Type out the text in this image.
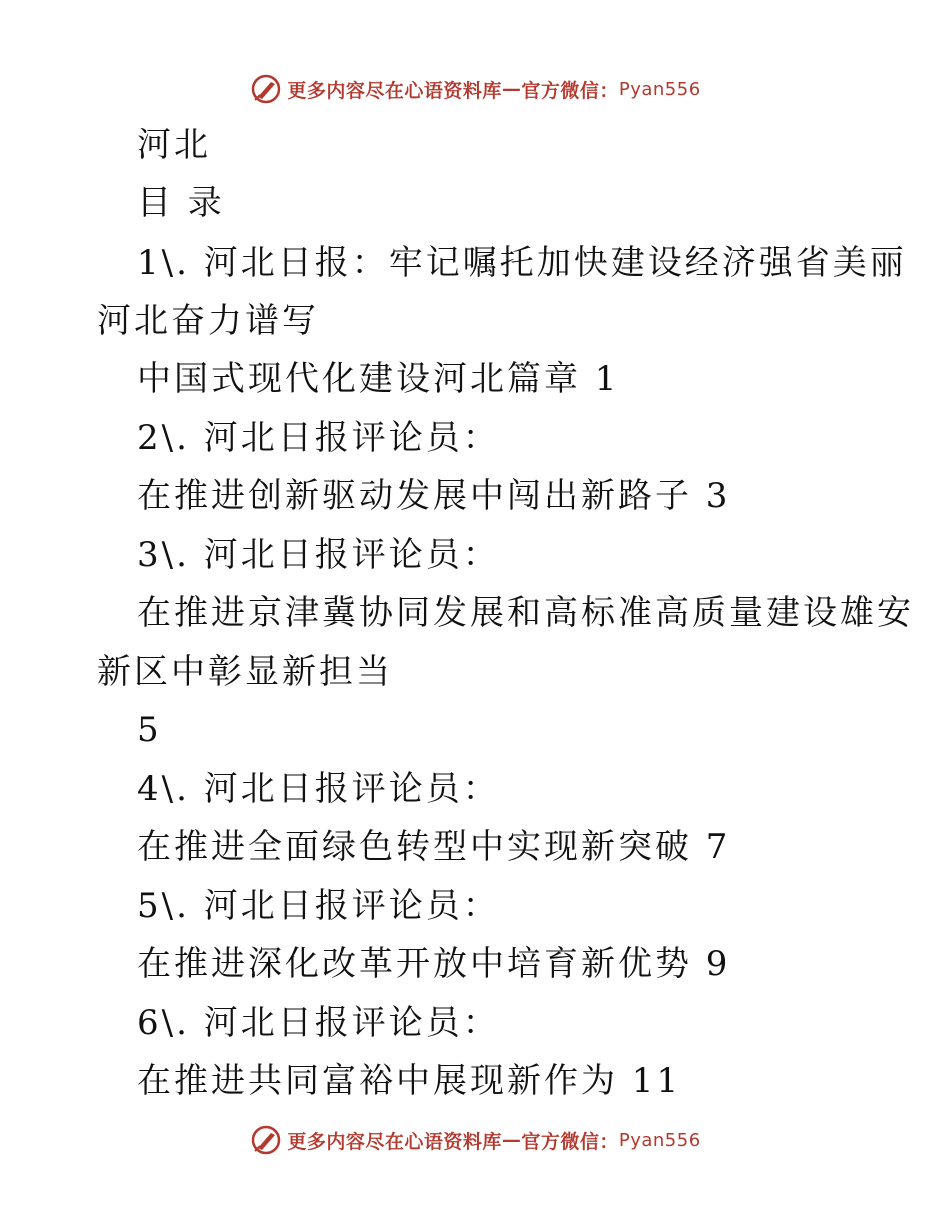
更多内容尽在心语资料库 — 官方微信： Pyan556
河北
目 录
1\. 河北日报：牢记嘱托加快建设经济强省美丽
河北奋力谱写
中国式现代化建设河北篇章 1
2\. 河北日报评论员：
在推进创新驱动发展中闯出新路子 3
3\. 河北日报评论员：
在推进京津冀协同发展和高标准高质量建设雄安
新区中彰显新担当
5
4\. 河北日报评论员：
在推进全面绿色转型中实现新突破 7
5\. 河北日报评论员：
在推进深化改革开放中培育新优势 9
6\. 河北日报评论员：
在推进共同富裕中展现新作为 11
更多内容尽在心语资料库 — 官方微信： Pyan556
